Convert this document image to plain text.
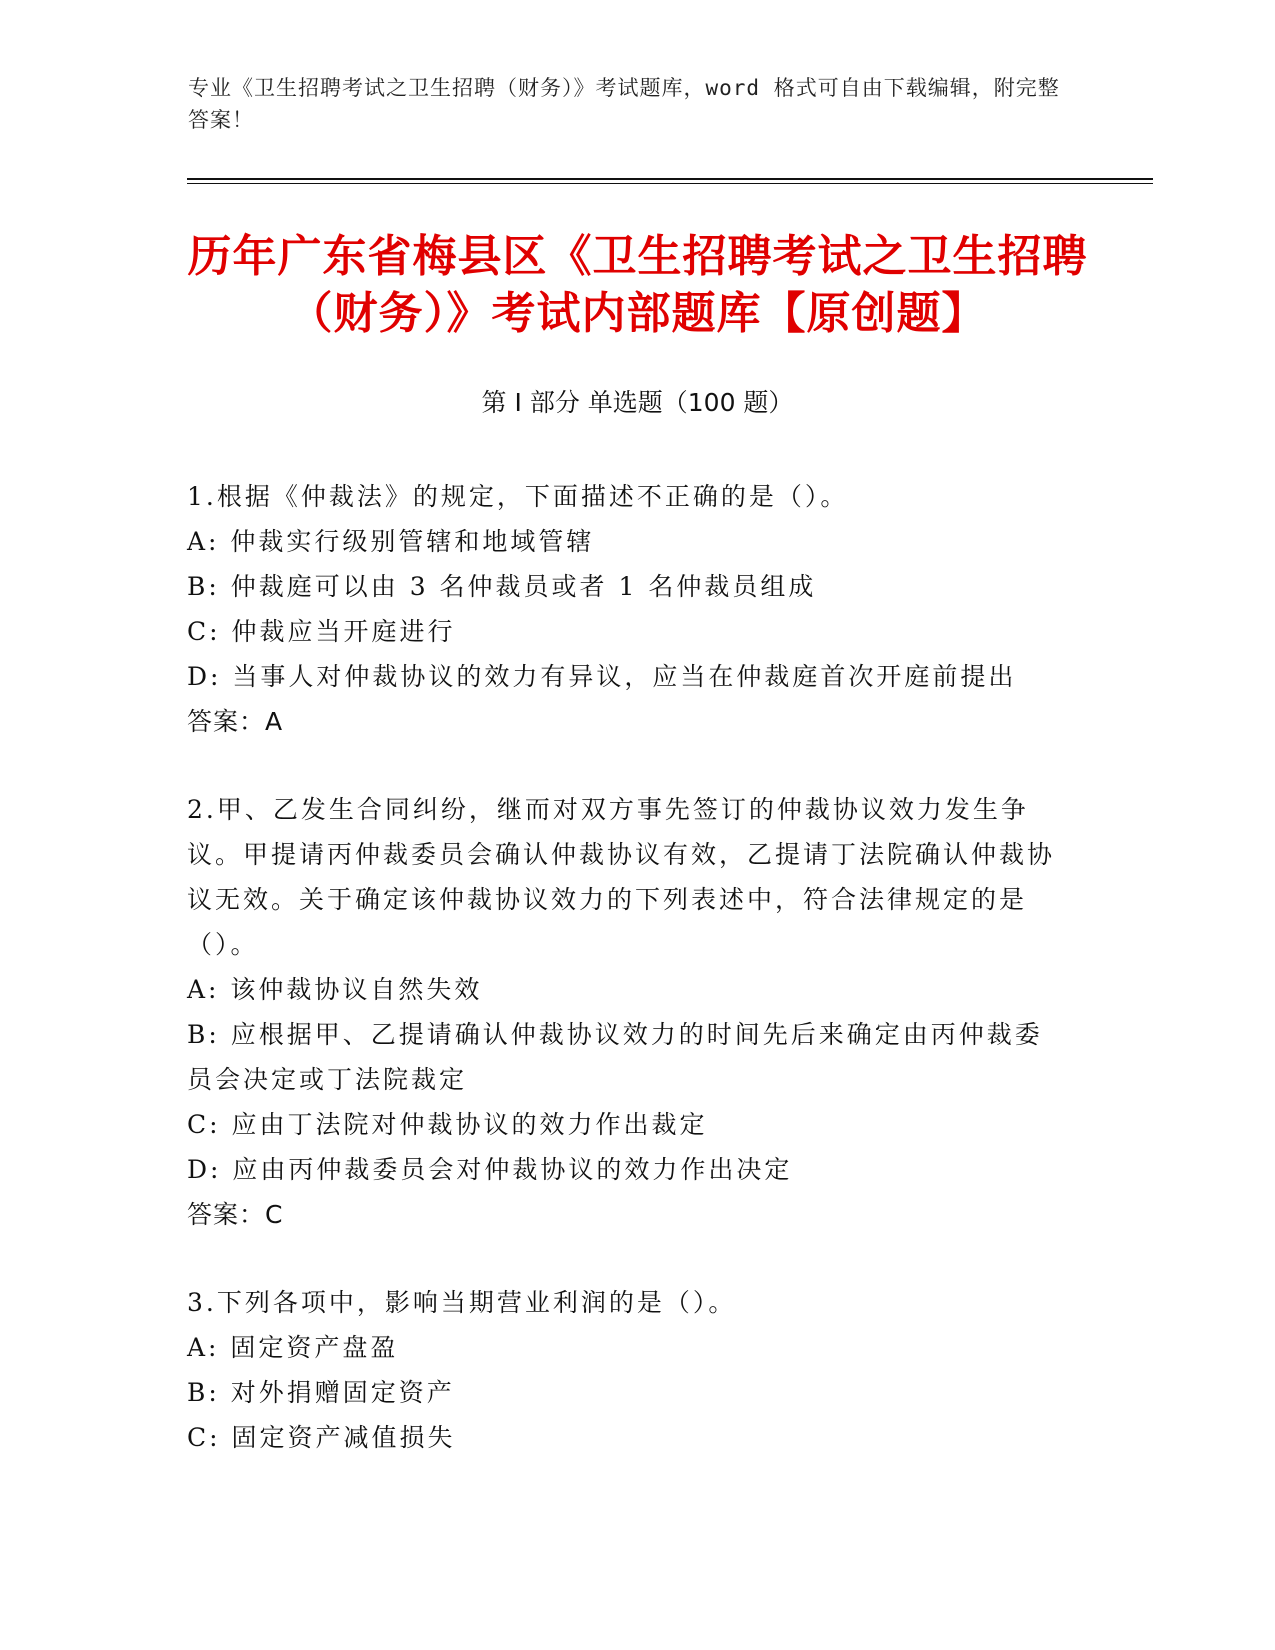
专业《卫生招聘考试之卫生招聘（财务）》考试题库，word 格式可自由下载编辑，附完整答案！
历年广东省梅县区《卫生招聘考试之卫生招聘（财务）》考试内部题库【原创题】
第 I 部分 单选题（100 题）

1.根据《仲裁法》的规定，下面描述不正确的是（）。

A: 仲裁实行级别管辖和地域管辖

B: 仲裁庭可以由 3 名仲裁员或者 1 名仲裁员组成

C: 仲裁应当开庭进行

D: 当事人对仲裁协议的效力有异议，应当在仲裁庭首次开庭前提出

答案：A

2.甲、乙发生合同纠纷，继而对双方事先签订的仲裁协议效力发生争议。甲提请丙仲裁委员会确认仲裁协议有效，乙提请丁法院确认仲裁协议无效。关于确定该仲裁协议效力的下列表述中，符合法律规定的是（）。

A: 该仲裁协议自然失效

B: 应根据甲、乙提请确认仲裁协议效力的时间先后来确定由丙仲裁委员会决定或丁法院裁定

C: 应由丁法院对仲裁协议的效力作出裁定

D: 应由丙仲裁委员会对仲裁协议的效力作出决定

答案：C

3.下列各项中，影响当期营业利润的是（）。

A: 固定资产盘盈

B: 对外捐赠固定资产

C: 固定资产减值损失
